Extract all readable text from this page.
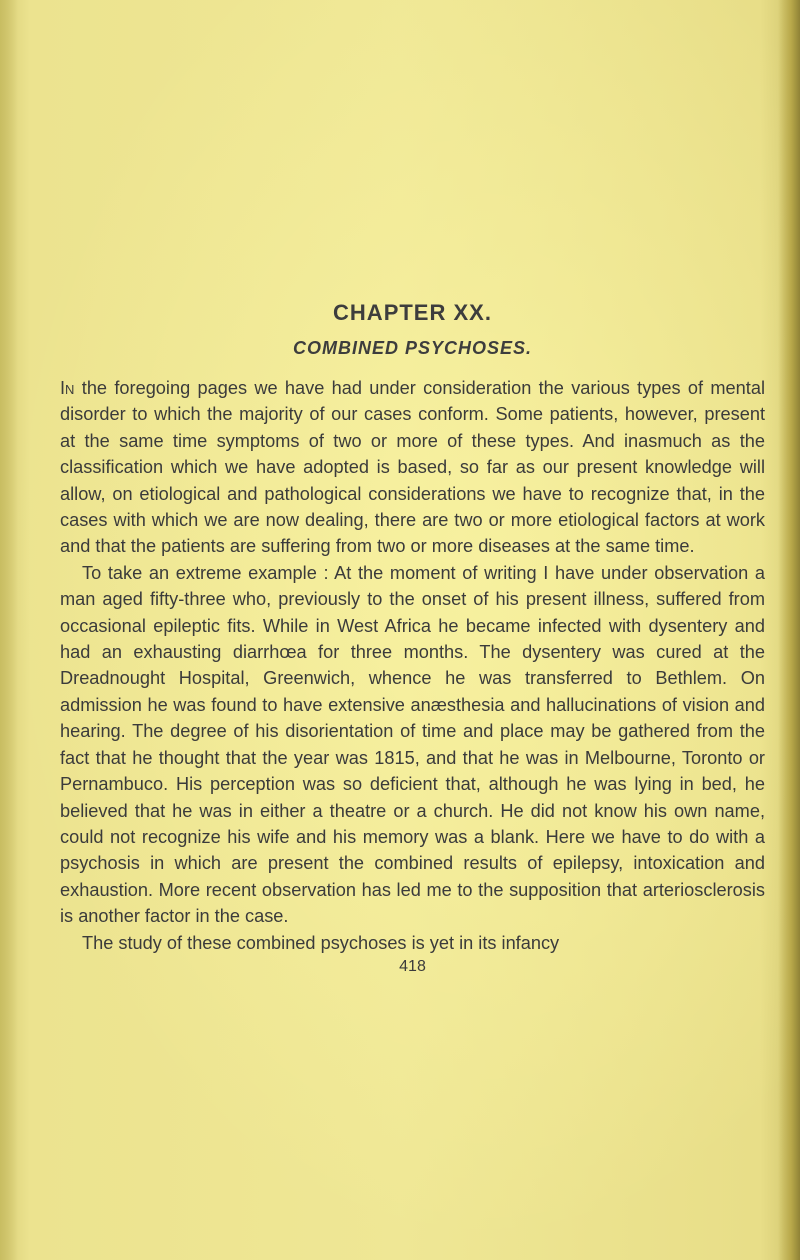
CHAPTER XX.
COMBINED PSYCHOSES.

In the foregoing pages we have had under consideration the various types of mental disorder to which the majority of our cases conform. Some patients, however, present at the same time symptoms of two or more of these types. And inasmuch as the classification which we have adopted is based, so far as our present knowledge will allow, on etiological and pathological considerations we have to recognize that, in the cases with which we are now dealing, there are two or more etiological factors at work and that the patients are suffering from two or more diseases at the same time.

To take an extreme example : At the moment of writing I have under observation a man aged fifty-three who, previously to the onset of his present illness, suffered from occasional epileptic fits. While in West Africa he became infected with dysentery and had an exhausting diarrhœa for three months. The dysentery was cured at the Dreadnought Hospital, Greenwich, whence he was transferred to Bethlem. On admission he was found to have extensive anæsthesia and hallucinations of vision and hearing. The degree of his disorientation of time and place may be gathered from the fact that he thought that the year was 1815, and that he was in Melbourne, Toronto or Pernambuco. His perception was so deficient that, although he was lying in bed, he believed that he was in either a theatre or a church. He did not know his own name, could not recognize his wife and his memory was a blank. Here we have to do with a psychosis in which are present the combined results of epilepsy, intoxication and exhaustion. More recent observation has led me to the supposition that arteriosclerosis is another factor in the case.

The study of these combined psychoses is yet in its infancy

418
